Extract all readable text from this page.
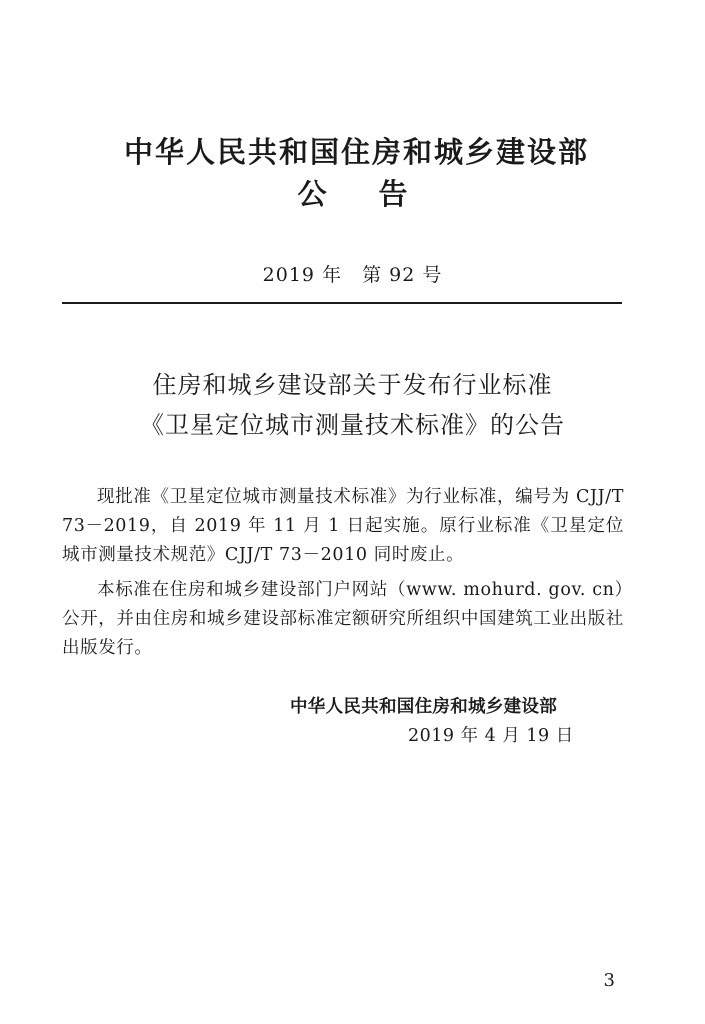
中华人民共和国住房和城乡建设部
公告
2019 年　第 92 号
住房和城乡建设部关于发布行业标准
《卫星定位城市测量技术标准》的公告
现批准《卫星定位城市测量技术标准》为行业标准，编号为 CJJ/T 73－2019，自 2019 年 11 月 1 日起实施。原行业标准《卫星定位城市测量技术规范》CJJ/T 73－2010 同时废止。
本标准在住房和城乡建设部门户网站（www. mohurd. gov. cn）公开，并由住房和城乡建设部标准定额研究所组织中国建筑工业出版社出版发行。
中华人民共和国住房和城乡建设部
2019 年 4 月 19 日
3
